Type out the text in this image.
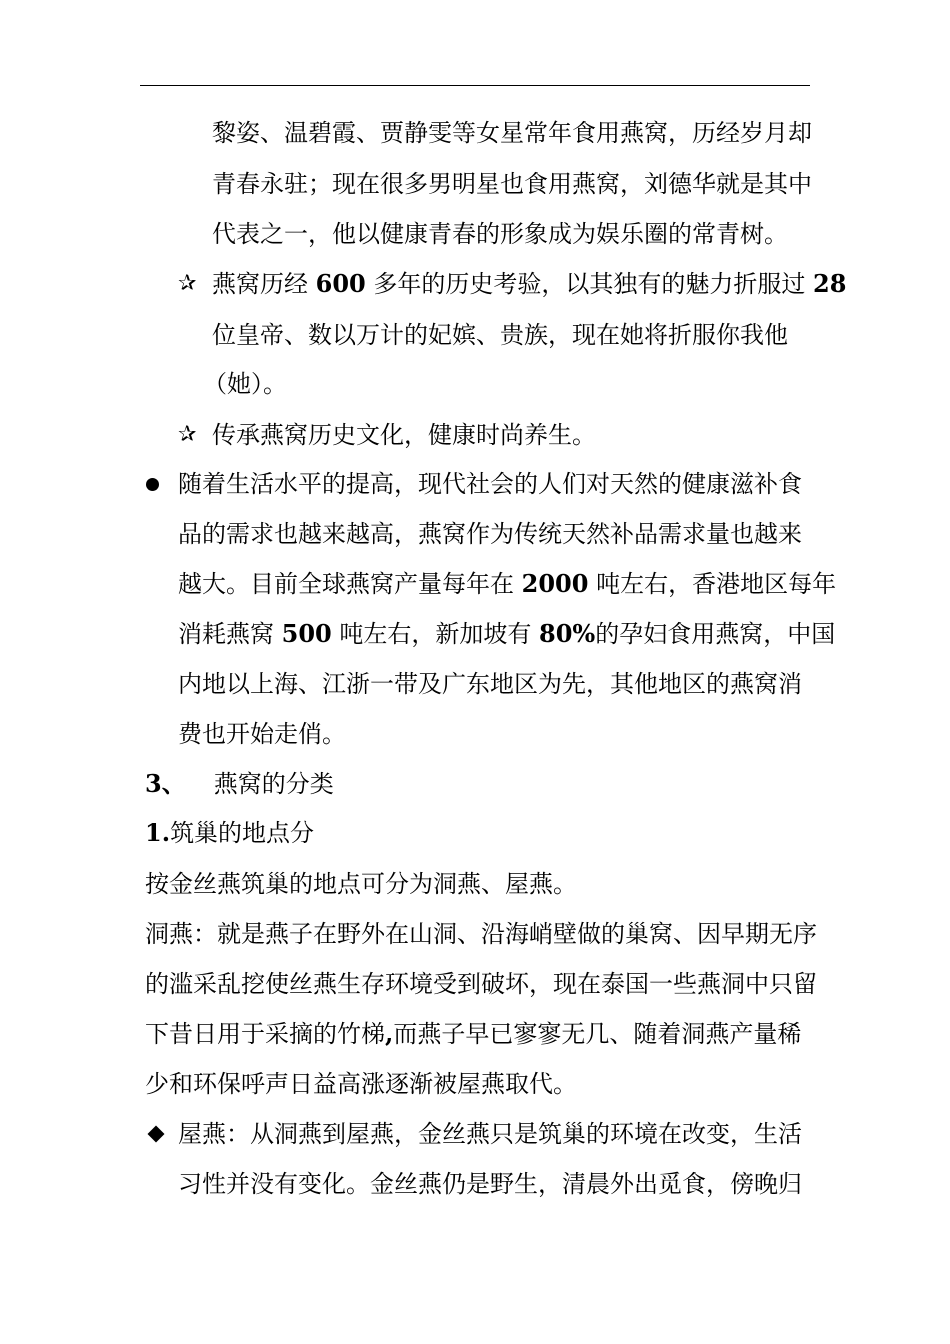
黎姿、温碧霞、贾静雯等女星常年食用燕窝，历经岁月却
青春永驻；现在很多男明星也食用燕窝，刘德华就是其中
代表之一，他以健康青春的形象成为娱乐圈的常青树。
✰ 燕窝历经 600 多年的历史考验，以其独有的魅力折服过 28
位皇帝、数以万计的妃嫔、贵族，现在她将折服你我他
（她）。
✰ 传承燕窝历史文化，健康时尚养生。
随着生活水平的提高，现代社会的人们对天然的健康滋补食
品的需求也越来越高，燕窝作为传统天然补品需求量也越来
越大。目前全球燕窝产量每年在 2000 吨左右，香港地区每年
消耗燕窝 500 吨左右，新加坡有 80%的孕妇食用燕窝，中国
内地以上海、江浙一带及广东地区为先，其他地区的燕窝消
费也开始走俏。
3、 燕窝的分类
1.筑巢的地点分
按金丝燕筑巢的地点可分为洞燕、屋燕。
洞燕：就是燕子在野外在山洞、沿海峭壁做的巢窝、因早期无序
的滥采乱挖使丝燕生存环境受到破坏，现在泰国一些燕洞中只留
下昔日用于采摘的竹梯,而燕子早已寥寥无几、随着洞燕产量稀
少和环保呼声日益高涨逐渐被屋燕取代。
屋燕：从洞燕到屋燕，金丝燕只是筑巢的环境在改变，生活
习性并没有变化。金丝燕仍是野生，清晨外出觅食，傍晚归
